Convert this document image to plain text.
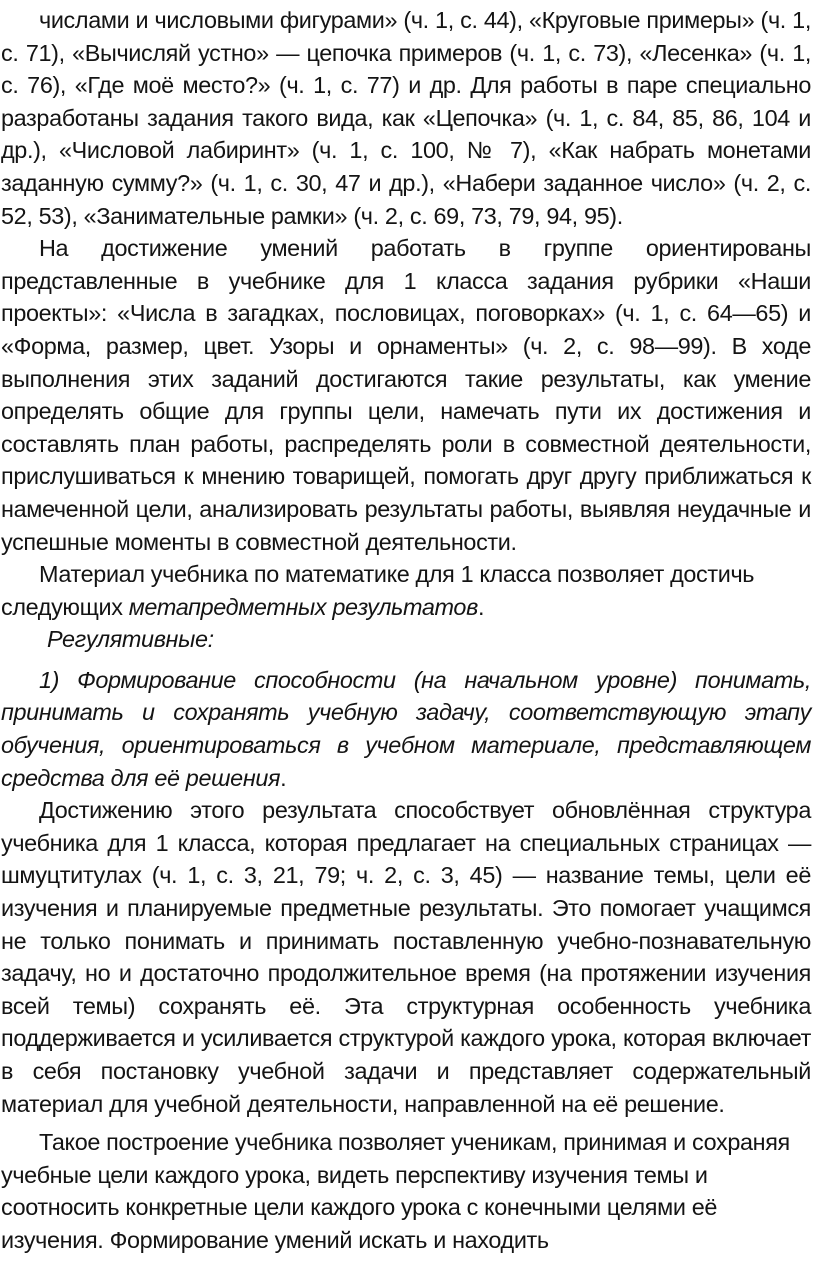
числами и числовыми фигурами» (ч. 1, с. 44), «Круговые примеры» (ч. 1, с. 71), «Вычисляй устно» — цепочка примеров (ч. 1, с. 73), «Лесенка» (ч. 1, с. 76), «Где моё место?» (ч. 1, с. 77) и др. Для работы в паре специально разработаны задания такого вида, как «Цепочка» (ч. 1, с. 84, 85, 86, 104 и др.), «Числовой лабиринт» (ч. 1, с. 100, № 7), «Как набрать монетами заданную сумму?» (ч. 1, с. 30, 47 и др.), «Набери заданное число» (ч. 2, с. 52, 53), «Занимательные рамки» (ч. 2, с. 69, 73, 79, 94, 95).

На достижение умений работать в группе ориентированы представленные в учебнике для 1 класса задания рубрики «Наши проекты»: «Числа в загадках, пословицах, поговорках» (ч. 1, с. 64—65) и «Форма, размер, цвет. Узоры и орнаменты» (ч. 2, с. 98—99). В ходе выполнения этих заданий достигаются такие результаты, как умение определять общие для группы цели, намечать пути их достижения и составлять план работы, распределять роли в совместной деятельности, прислушиваться к мнению товарищей, помогать друг другу приближаться к намеченной цели, анализировать результаты работы, выявляя неудачные и успешные моменты в совместной деятельности.

Материал учебника по математике для 1 класса позволяет достичь следующих метапредметных результатов.

Регулятивные:

1) Формирование способности (на начальном уровне) понимать, принимать и сохранять учебную задачу, соответствующую этапу обучения, ориентироваться в учебном материале, представляющем средства для её решения.

Достижению этого результата способствует обновлённая структура учебника для 1 класса, которая предлагает на специальных страницах — шмуцтитулах (ч. 1, с. 3, 21, 79; ч. 2, с. 3, 45) — название темы, цели её изучения и планируемые предметные результаты. Это помогает учащимся не только понимать и принимать поставленную учебно-познавательную задачу, но и достаточно продолжительное время (на протяжении изучения всей темы) сохранять её. Эта структурная особенность учебника поддерживается и усиливается структурой каждого урока, которая включает в себя постановку учебной задачи и представляет содержательный материал для учебной деятельности, направленной на её решение.

Такое построение учебника позволяет ученикам, принимая и сохраняя учебные цели каждого урока, видеть перспективу изучения темы и соотносить конкретные цели каждого урока с конечными целями её изучения. Формирование умений искать и находить
